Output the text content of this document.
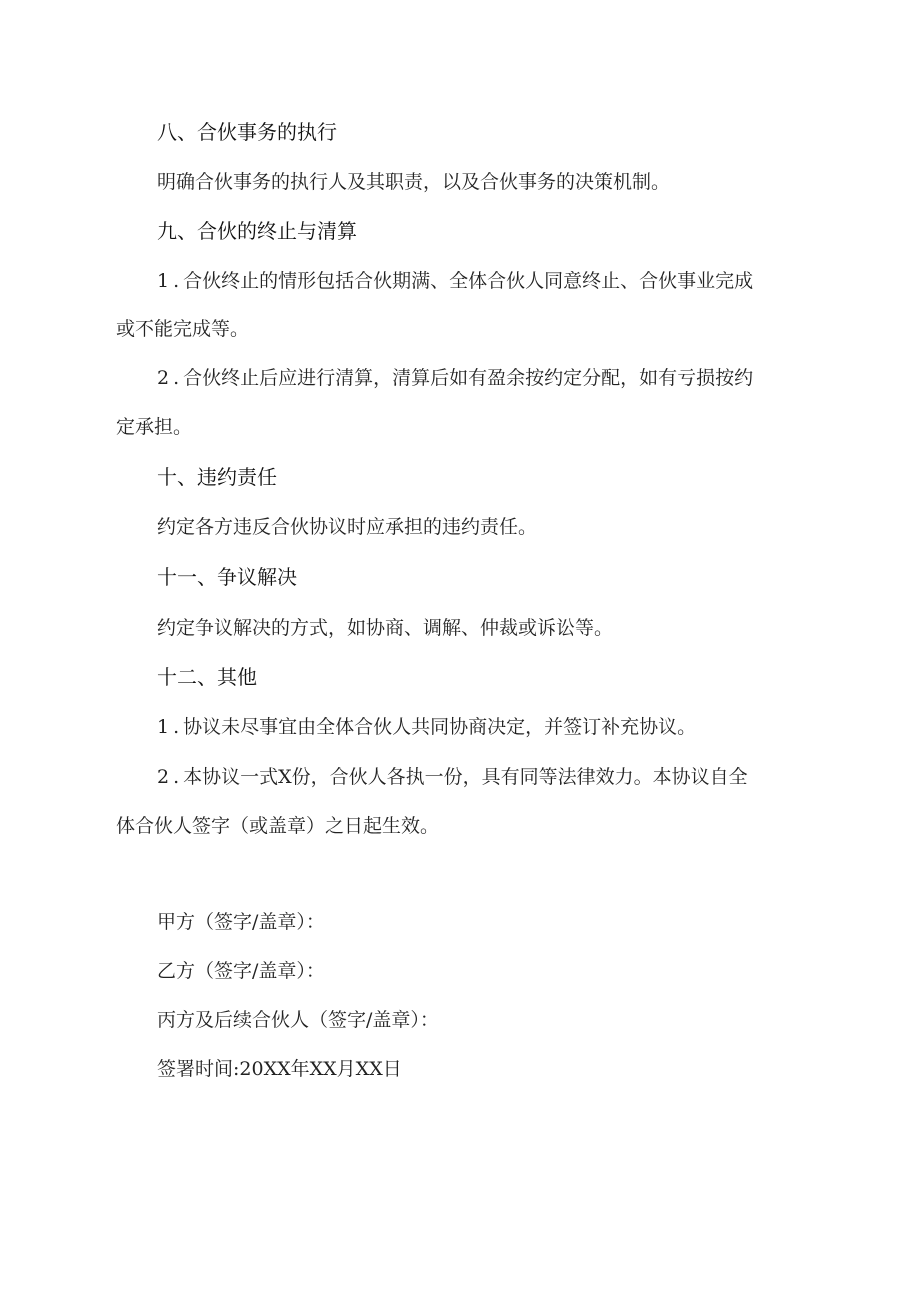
八、合伙事务的执行
明确合伙事务的执行人及其职责，以及合伙事务的决策机制。
九、合伙的终止与清算
1.合伙终止的情形包括合伙期满、全体合伙人同意终止、合伙事业完成
或不能完成等。
2.合伙终止后应进行清算，清算后如有盈余按约定分配，如有亏损按约
定承担。
十、违约责任
约定各方违反合伙协议时应承担的违约责任。
十一、争议解决
约定争议解决的方式，如协商、调解、仲裁或诉讼等。
十二、其他
1.协议未尽事宜由全体合伙人共同协商决定，并签订补充协议。
2.本协议一式X份，合伙人各执一份，具有同等法律效力。本协议自全
体合伙人签字（或盖章）之日起生效。
甲方（签字/盖章）：
乙方（签字/盖章）：
丙方及后续合伙人（签字/盖章）：
签署时间:20XX年XX月XX日
